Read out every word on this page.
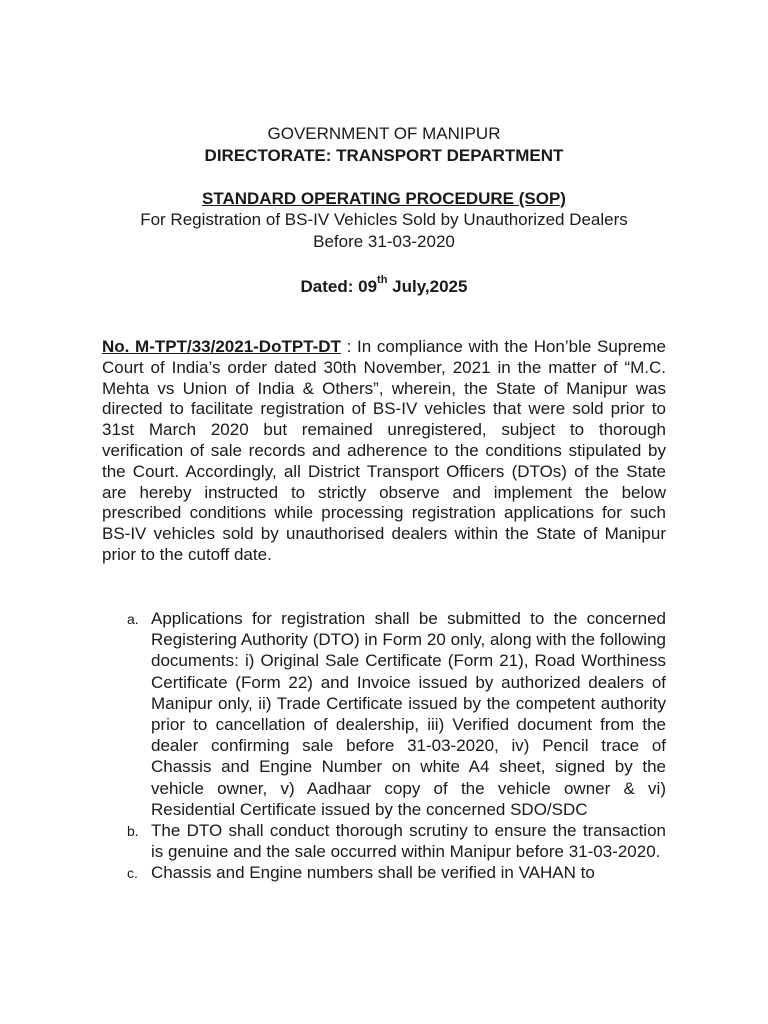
GOVERNMENT OF MANIPUR
DIRECTORATE: TRANSPORT DEPARTMENT
STANDARD OPERATING PROCEDURE (SOP)
For Registration of BS-IV Vehicles Sold by Unauthorized Dealers
Before 31-03-2020
Dated: 09th July,2025

No. M-TPT/33/2021-DoTPT-DT : In compliance with the Hon’ble Supreme Court of India’s order dated 30th November, 2021 in the matter of “M.C. Mehta vs Union of India & Others”, wherein, the State of Manipur was directed to facilitate registration of BS-IV vehicles that were sold prior to 31st March 2020 but remained unregistered, subject to thorough verification of sale records and adherence to the conditions stipulated by the Court. Accordingly, all District Transport Officers (DTOs) of the State are hereby instructed to strictly observe and implement the below prescribed conditions while processing registration applications for such BS-IV vehicles sold by unauthorised dealers within the State of Manipur prior to the cutoff date.

a. Applications for registration shall be submitted to the concerned Registering Authority (DTO) in Form 20 only, along with the following documents: i) Original Sale Certificate (Form 21), Road Worthiness Certificate (Form 22) and Invoice issued by authorized dealers of Manipur only, ii) Trade Certificate issued by the competent authority prior to cancellation of dealership, iii) Verified document from the dealer confirming sale before 31-03-2020, iv) Pencil trace of Chassis and Engine Number on white A4 sheet, signed by the vehicle owner, v) Aadhaar copy of the vehicle owner & vi) Residential Certificate issued by the concerned SDO/SDC
b. The DTO shall conduct thorough scrutiny to ensure the transaction is genuine and the sale occurred within Manipur before 31-03-2020.
c. Chassis and Engine numbers shall be verified in VAHAN to
